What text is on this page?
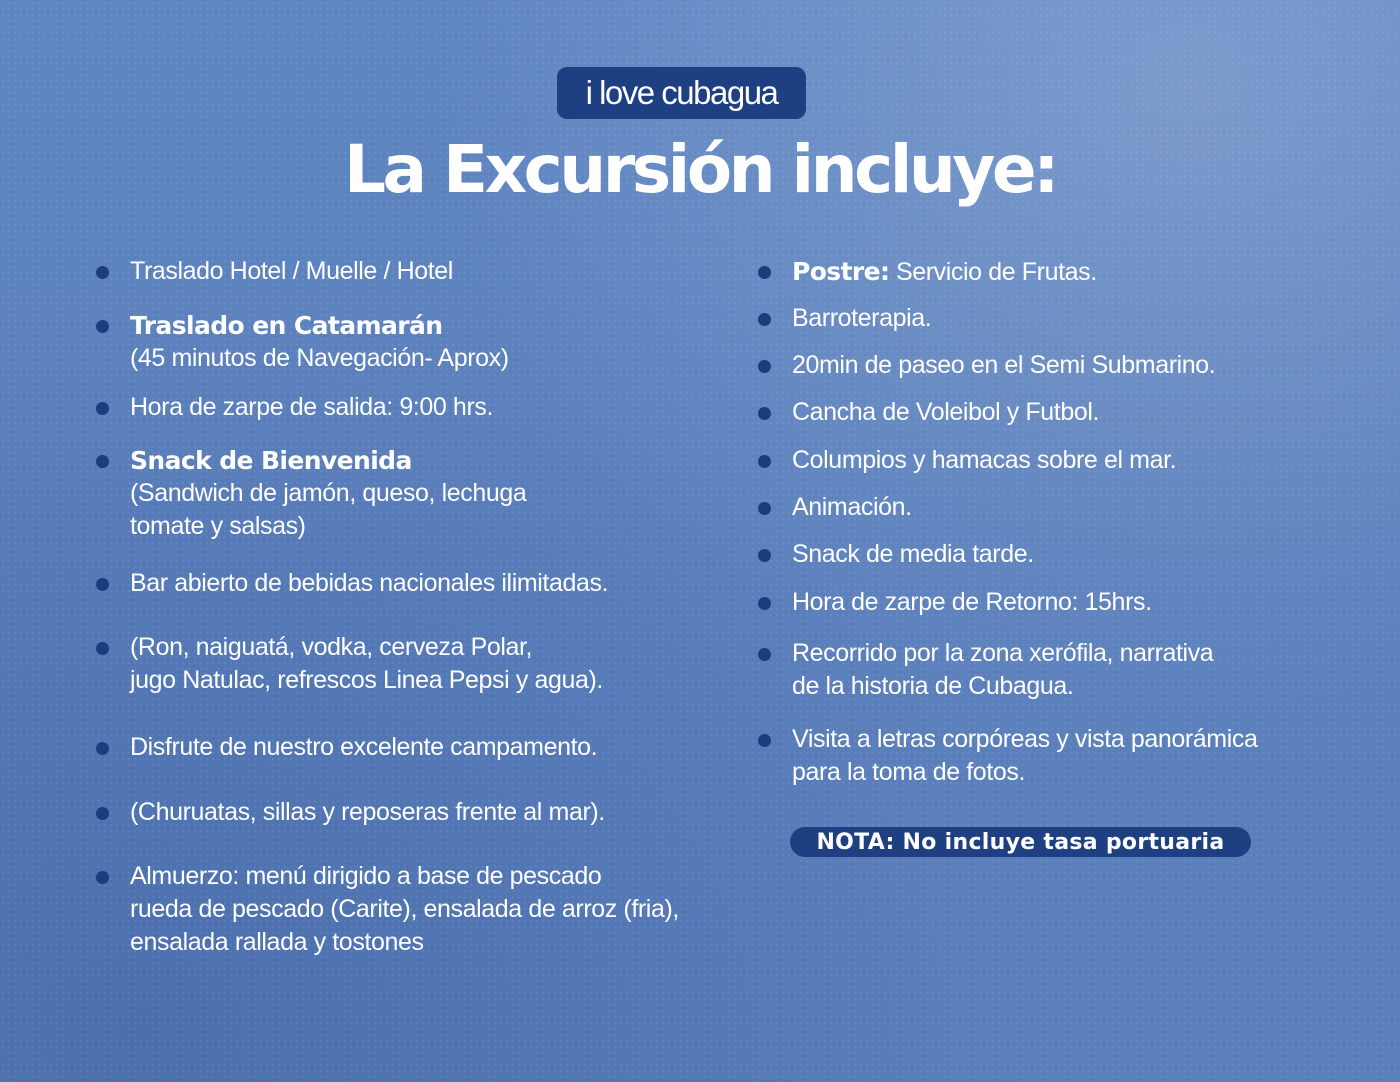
i love cubagua
La Excursión incluye:
Traslado Hotel / Muelle / Hotel
Traslado en Catamarán
(45 minutos de Navegación- Aprox)
Hora de zarpe de salida: 9:00 hrs.
Snack de Bienvenida
(Sandwich de jamón, queso, lechuga
tomate y salsas)
Bar abierto de bebidas nacionales ilimitadas.
(Ron, naiguatá, vodka, cerveza Polar,
jugo Natulac, refrescos Linea Pepsi y agua).
Disfrute de nuestro excelente campamento.
(Churuatas, sillas y reposeras frente al mar).
Almuerzo: menú dirigido a base de pescado
rueda de pescado (Carite), ensalada de arroz (fria),
ensalada rallada y tostones
Postre: Servicio de Frutas.
Barroterapia.
20min de paseo en el Semi Submarino.
Cancha de Voleibol y Futbol.
Columpios y hamacas sobre el mar.
Animación.
Snack de media tarde.
Hora de zarpe de Retorno: 15hrs.
Recorrido por la zona xerófila, narrativa
de la historia de Cubagua.
Visita a letras corpóreas y vista panorámica
para la toma de fotos.
NOTA: No incluye tasa portuaria
